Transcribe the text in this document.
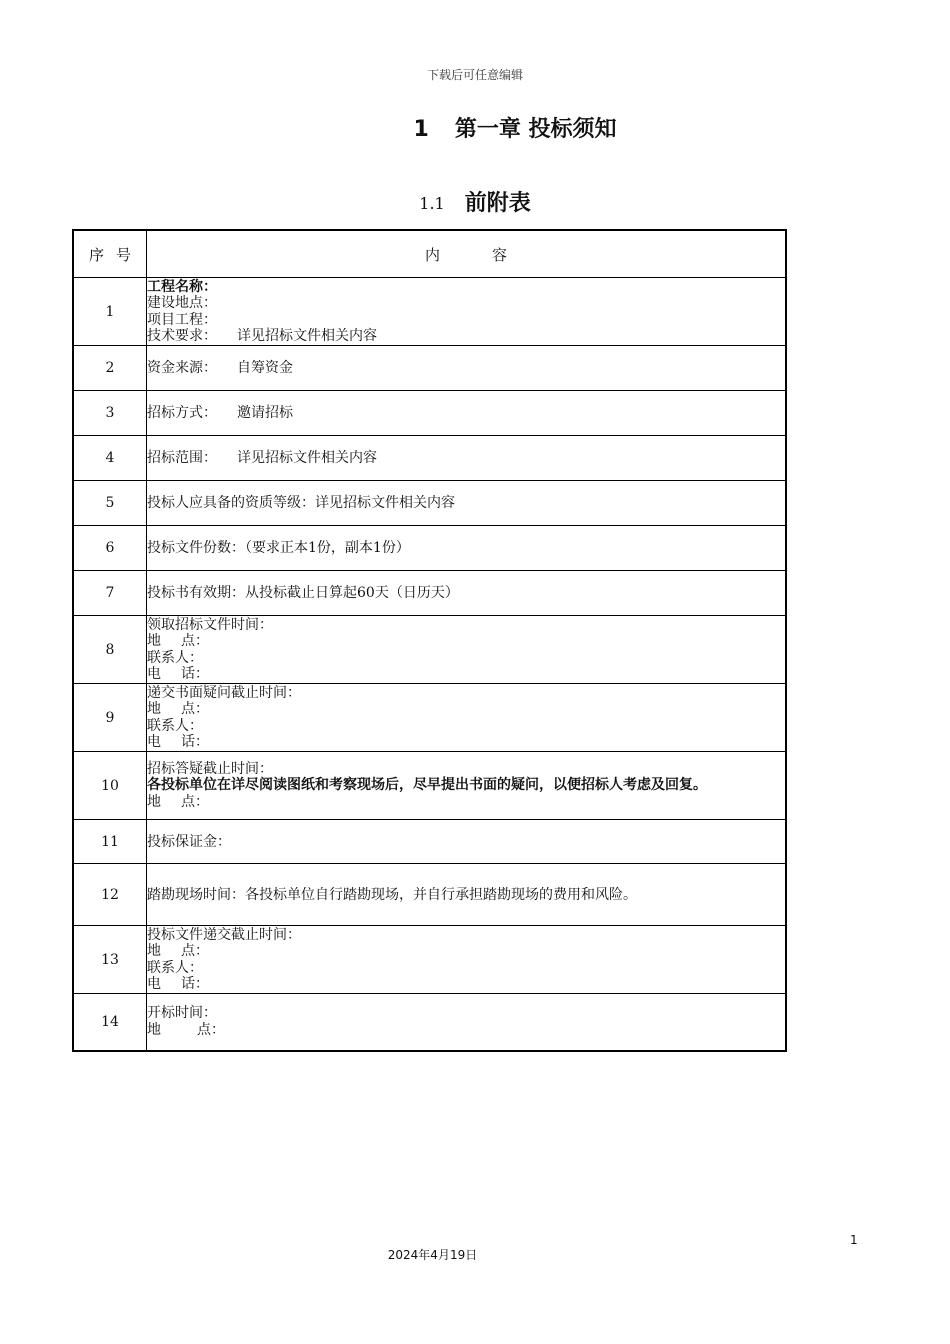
下载后可任意编辑
1 第一章 投标须知
1.1 前附表
序 号	内 容
1	工程名称：
建设地点：
项目工程：
技术要求： 详见招标文件相关内容

2	资金来源： 自筹资金
3	招标方式： 邀请招标
4	招标范围： 详见招标文件相关内容
5	投标人应具备的资质等级：详见招标文件相关内容
6	投标文件份数：（要求正本1份，副本1份）
7	投标书有效期：从投标截止日算起60天（日历天）
8	领取招标文件时间：
地 点：
联系人：
电 话：

9	递交书面疑问截止时间：
地 点：
联系人：
电 话：

10	招标答疑截止时间：
各投标单位在详尽阅读图纸和考察现场后，尽早提出书面的疑问，以便招标人考虑及回复。
地 点：

11	投标保证金：
12	踏勘现场时间：各投标单位自行踏勘现场，并自行承担踏勘现场的费用和风险。
13	投标文件递交截止时间：
地 点：
联系人：
电 话：

14	开标时间：
地 点：
1
2024年4月19日
